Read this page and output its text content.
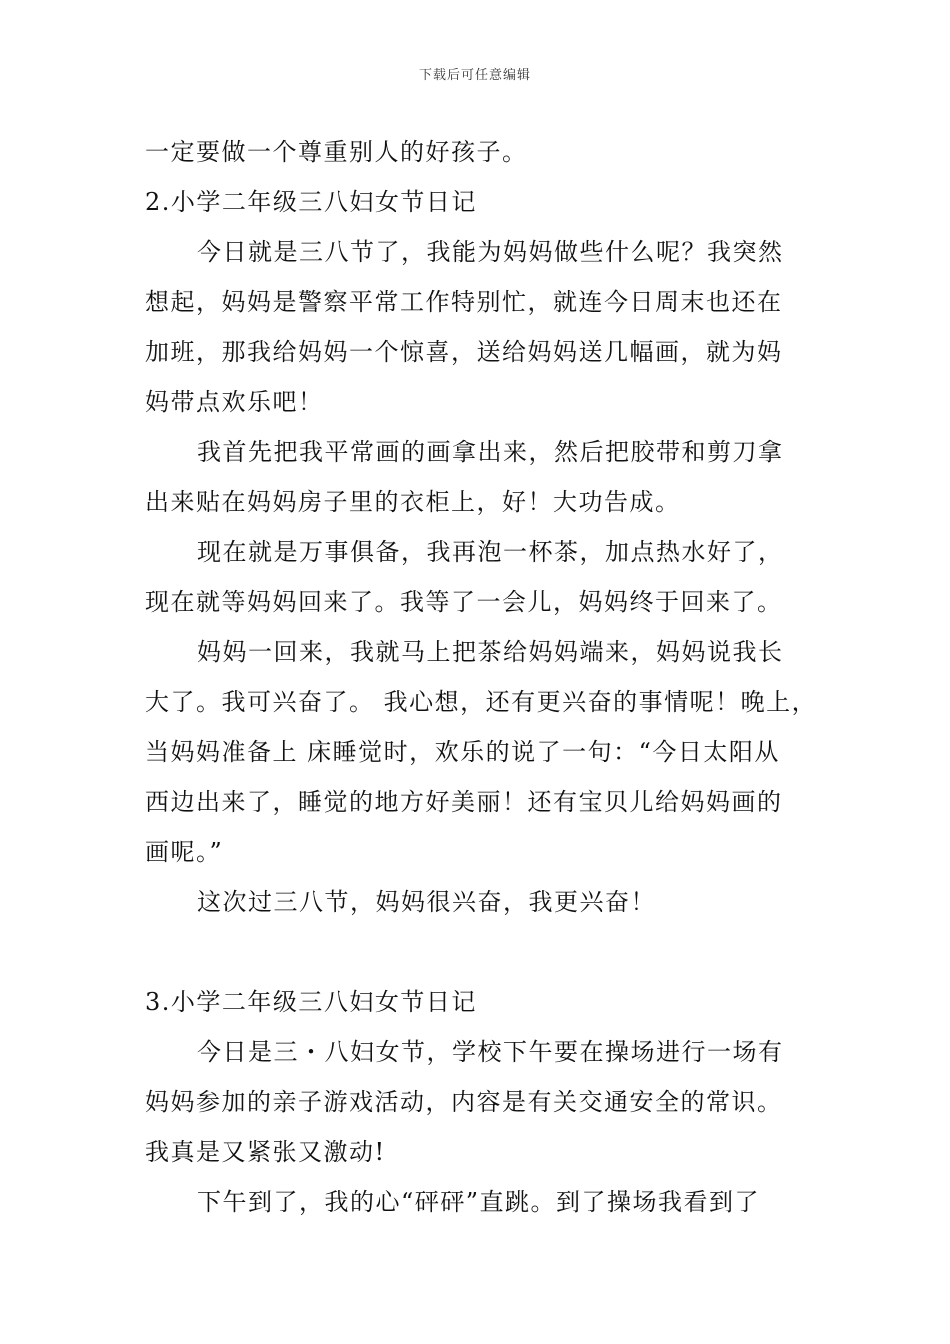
下载后可任意编辑
一定要做一个尊重别人的好孩子。
2.小学二年级三八妇女节日记
今日就是三八节了，我能为妈妈做些什么呢？我突然
想起，妈妈是警察平常工作特别忙，就连今日周末也还在
加班，那我给妈妈一个惊喜，送给妈妈送几幅画，就为妈
妈带点欢乐吧！
我首先把我平常画的画拿出来，然后把胶带和剪刀拿
出来贴在妈妈房子里的衣柜上，好！大功告成。
现在就是万事俱备，我再泡一杯茶，加点热水好了，
现在就等妈妈回来了。我等了一会儿，妈妈终于回来了。
妈妈一回来，我就马上把茶给妈妈端来，妈妈说我长
大了。我可兴奋了。 我心想，还有更兴奋的事情呢！晚上，
当妈妈准备上 床睡觉时，欢乐的说了一句：“今日太阳从
西边出来了，睡觉的地方好美丽！还有宝贝儿给妈妈画的
画呢。”
这次过三八节，妈妈很兴奋，我更兴奋！
3.小学二年级三八妇女节日记
今日是三・八妇女节，学校下午要在操场进行一场有
妈妈参加的亲子游戏活动，内容是有关交通安全的常识。
我真是又紧张又激动!
下午到了，我的心“砰砰”直跳。到了操场我看到了
